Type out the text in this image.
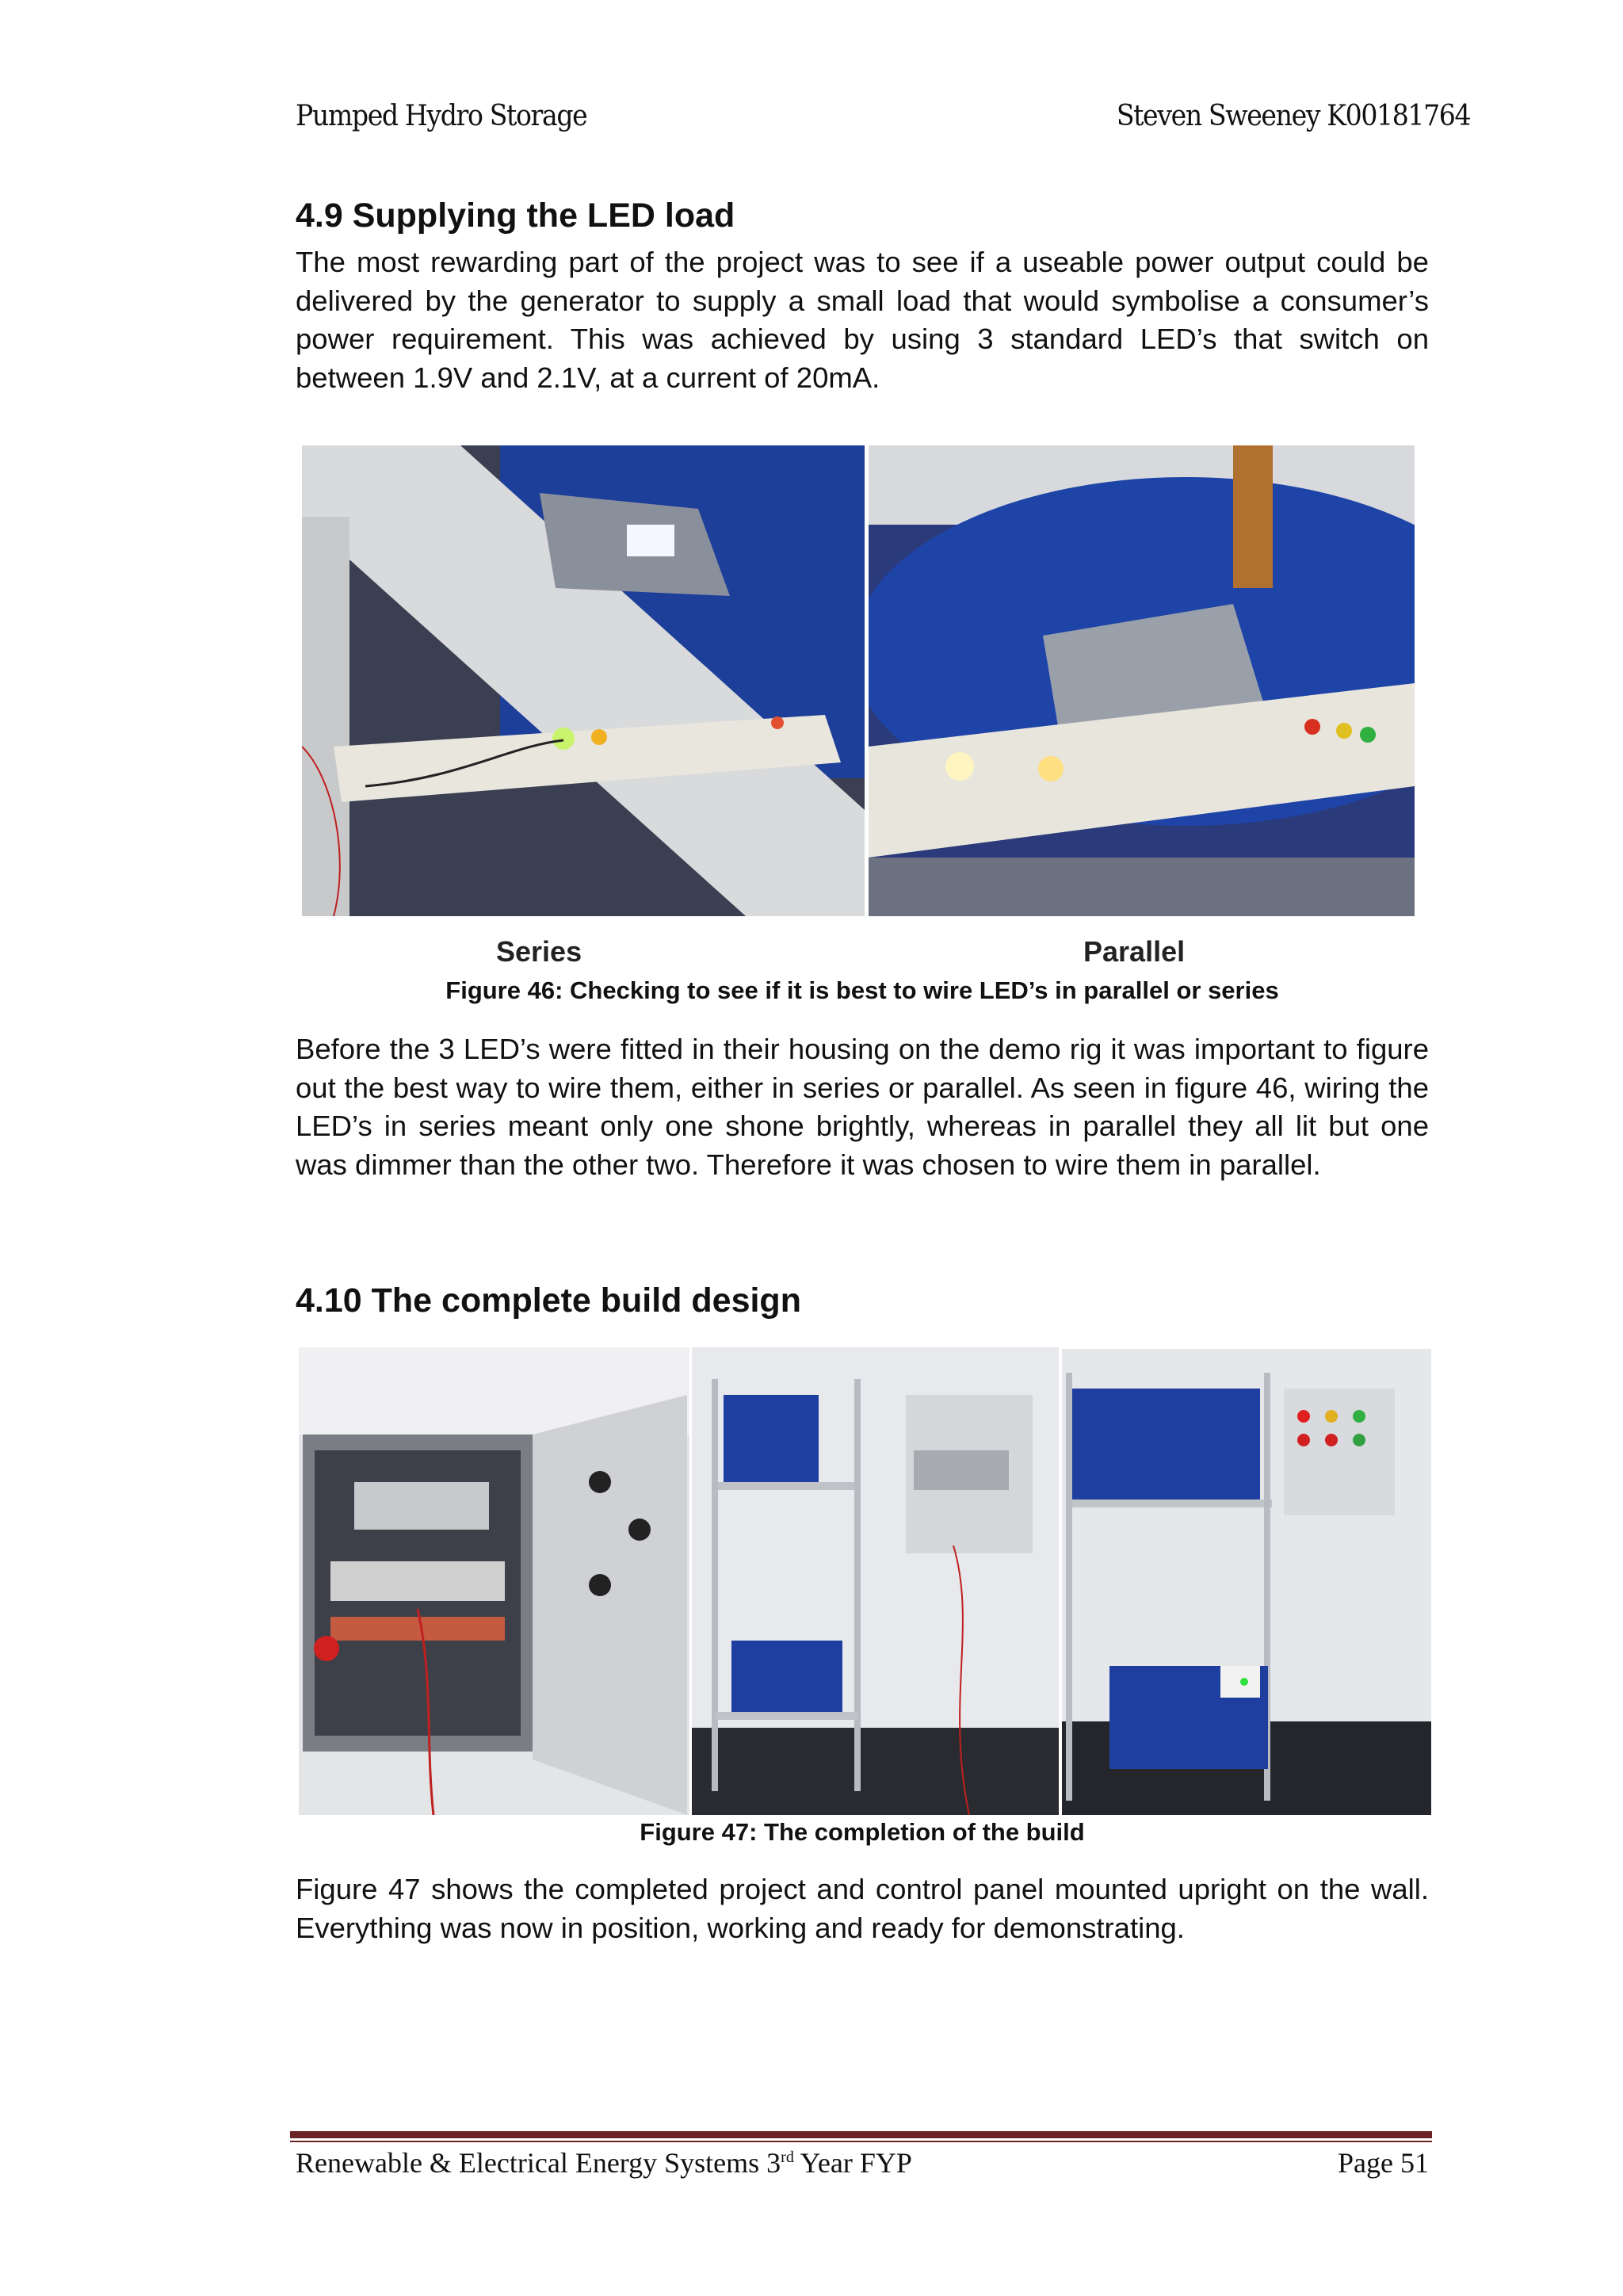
Pumped Hydro Storage	Steven Sweeney K00181764
4.9 Supplying the LED load

The most rewarding part of the project was to see if a useable power output could be delivered by the generator to supply a small load that would symbolise a consumer’s power requirement. This was achieved by using 3 standard LED’s that switch on between 1.9V and 2.1V, at a current of 20mA.

Series	Parallel
Figure 46: Checking to see if it is best to wire LED’s in parallel or series

Before the 3 LED’s were fitted in their housing on the demo rig it was important to figure out the best way to wire them, either in series or parallel. As seen in figure 46, wiring the LED’s in series meant only one shone brightly, whereas in parallel they all lit but one was dimmer than the other two. Therefore it was chosen to wire them in parallel.

4.10 The complete build design
Figure 47: The completion of the build

Figure 47 shows the completed project and control panel mounted upright on the wall. Everything was now in position, working and ready for demonstrating.

Renewable & Electrical Energy Systems 3rd Year FYP	Page 51
